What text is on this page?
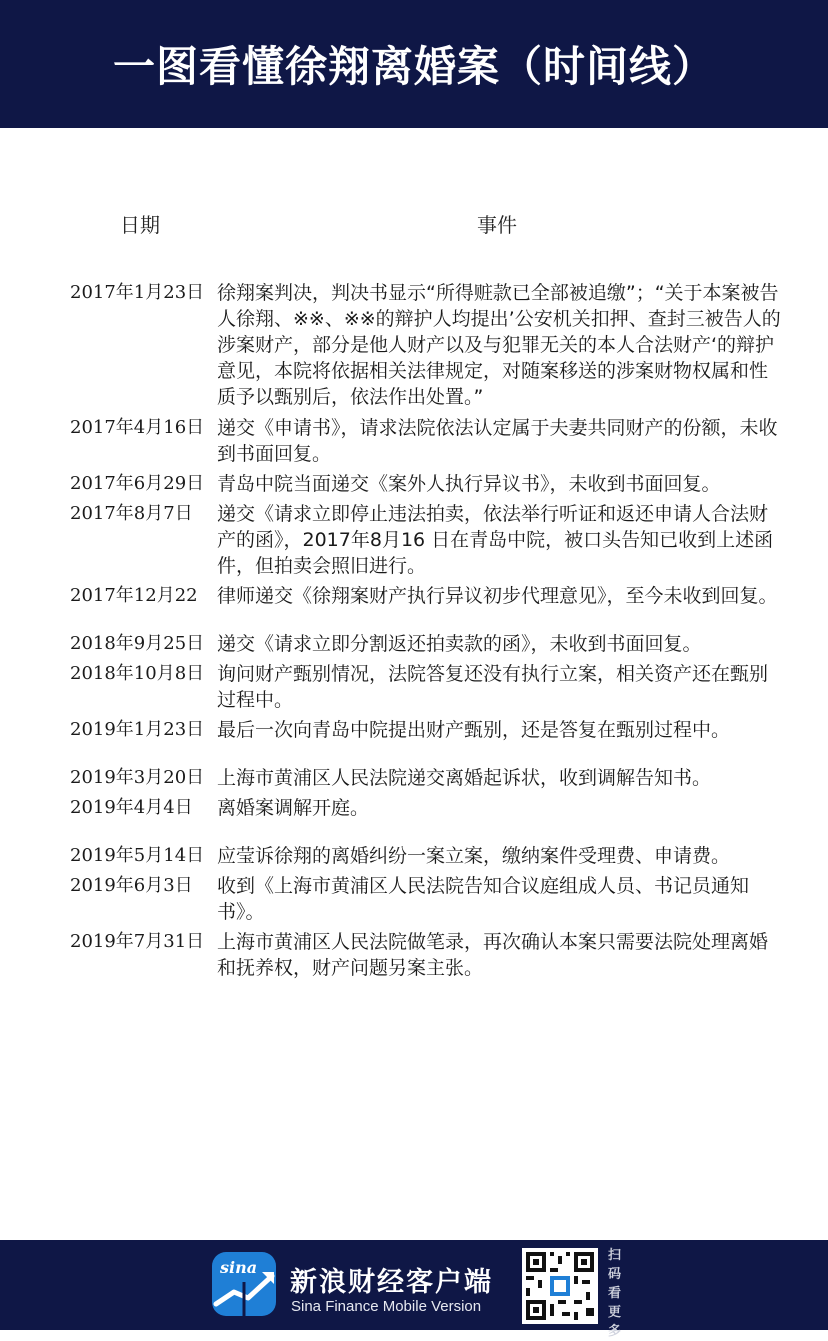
一图看懂徐翔离婚案（时间线）
日期	事件
2017年1月23日 徐翔案判决，判决书显示“所得赃款已全部被追缴”；“关于本案被告人徐翔、※※、※※的辩护人均提出’公安机关扣押、查封三被告人的涉案财产，部分是他人财产以及与犯罪无关的本人合法财产‘的辩护意见，本院将依据相关法律规定，对随案移送的涉案财物权属和性质予以甄别后，依法作出处置。”
2017年4月16日 递交《申请书》，请求法院依法认定属于夫妻共同财产的份额，未收到书面回复。
2017年6月29日 青岛中院当面递交《案外人执行异议书》，未收到书面回复。
2017年8月7日	递交《请求立即停止违法拍卖，依法举行听证和返还申请人合法财产的函》，2017年8月16 日在青岛中院，被口头告知已收到上述函件，但拍卖会照旧进行。
2017年12月22	律师递交《徐翔案财产执行异议初步代理意见》，至今未收到回复。
2018年9月25日 递交《请求立即分割返还拍卖款的函》，未收到书面回复。
2018年10月8日 询问财产甄别情况，法院答复还没有执行立案，相关资产还在甄别过程中。
2019年1月23日 最后一次向青岛中院提出财产甄别，还是答复在甄别过程中。
2019年3月20日 上海市黄浦区人民法院递交离婚起诉状，收到调解告知书。
2019年4月4日	离婚案调解开庭。
2019年5月14日 应莹诉徐翔的离婚纠纷一案立案，缴纳案件受理费、申请费。
2019年6月3日	收到《上海市黄浦区人民法院告知合议庭组成人员、书记员通知书》。
2019年7月31日 上海市黄浦区人民法院做笔录，再次确认本案只需要法院处理离婚和抚养权，财产问题另案主张。
sina 新浪财经客户端
Sina Finance Mobile Version
扫码看更多
